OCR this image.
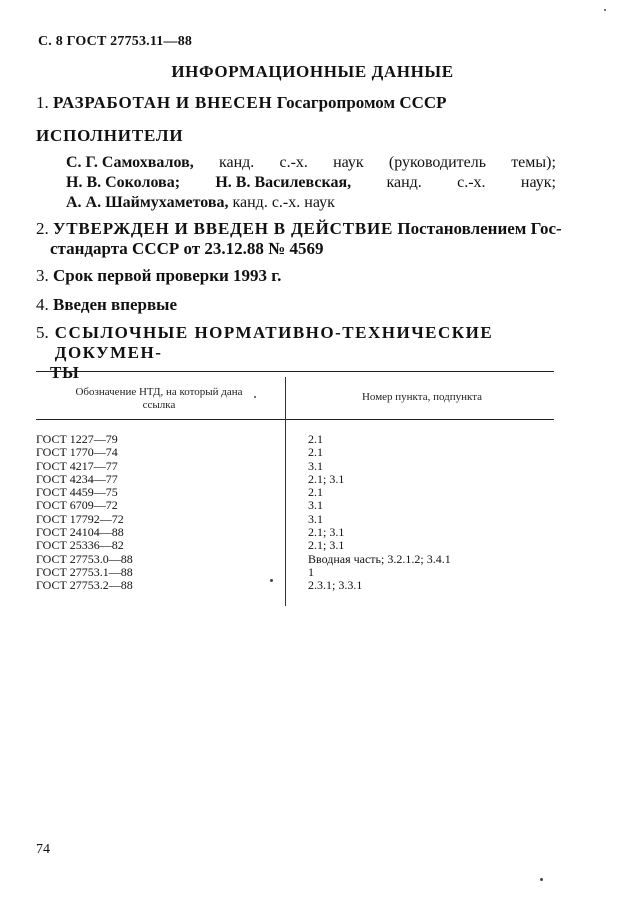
С. 8 ГОСТ 27753.11—88
ИНФОРМАЦИОННЫЕ ДАННЫЕ
1. РАЗРАБОТАН И ВНЕСЕН Госагропромом СССР
ИСПОЛНИТЕЛИ
С. Г. Самохвалов, канд. с.-х. наук (руководитель темы);
Н. В. Соколова; Н. В. Василевская, канд. с.-х. наук;
А. А. Шаймухаметова, канд. с.-х. наук
2. УТВЕРЖДЕН И ВВЕДЕН В ДЕЙСТВИЕ Постановлением Гос-
стандарта СССР от 23.12.88 № 4569
3. Срок первой проверки 1993 г.
4. Введен впервые
5. ССЫЛОЧНЫЕ НОРМАТИВНО-ТЕХНИЧЕСКИЕ ДОКУМЕН-
ТЫ
Обозначение НТД, на который дана
ссылка
Номер пункта, подпункта
ГОСТ 1227—79
ГОСТ 1770—74
ГОСТ 4217—77
ГОСТ 4234—77
ГОСТ 4459—75
ГОСТ 6709—72
ГОСТ 17792—72
ГОСТ 24104—88
ГОСТ 25336—82
ГОСТ 27753.0—88
ГОСТ 27753.1—88
ГОСТ 27753.2—88
2.1
2.1
3.1
2.1; 3.1
2.1
3.1
3.1
2.1; 3.1
2.1; 3.1
Вводная часть; 3.2.1.2; 3.4.1
1
2.3.1; 3.3.1
74
